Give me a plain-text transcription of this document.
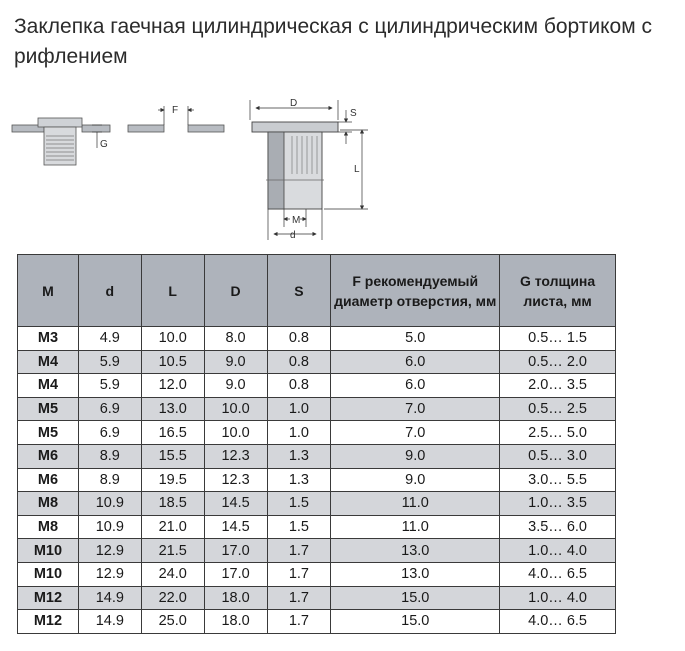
Заклепка гаечная цилиндрическая с цилиндрическим бортиком с рифлением
G
F
D
S
L
M
d
M	d	L	D	S	F рекомендуемый диаметр отверстия, мм	G толщина листа, мм
M3	4.9	10.0	8.0	0.8	5.0	0.5… 1.5
M4	5.9	10.5	9.0	0.8	6.0	0.5… 2.0
M4	5.9	12.0	9.0	0.8	6.0	2.0… 3.5
M5	6.9	13.0	10.0	1.0	7.0	0.5… 2.5
M5	6.9	16.5	10.0	1.0	7.0	2.5… 5.0
M6	8.9	15.5	12.3	1.3	9.0	0.5… 3.0
M6	8.9	19.5	12.3	1.3	9.0	3.0… 5.5
M8	10.9	18.5	14.5	1.5	11.0	1.0… 3.5
M8	10.9	21.0	14.5	1.5	11.0	3.5… 6.0
M10	12.9	21.5	17.0	1.7	13.0	1.0… 4.0
M10	12.9	24.0	17.0	1.7	13.0	4.0… 6.5
M12	14.9	22.0	18.0	1.7	15.0	1.0… 4.0
M12	14.9	25.0	18.0	1.7	15.0	4.0… 6.5
